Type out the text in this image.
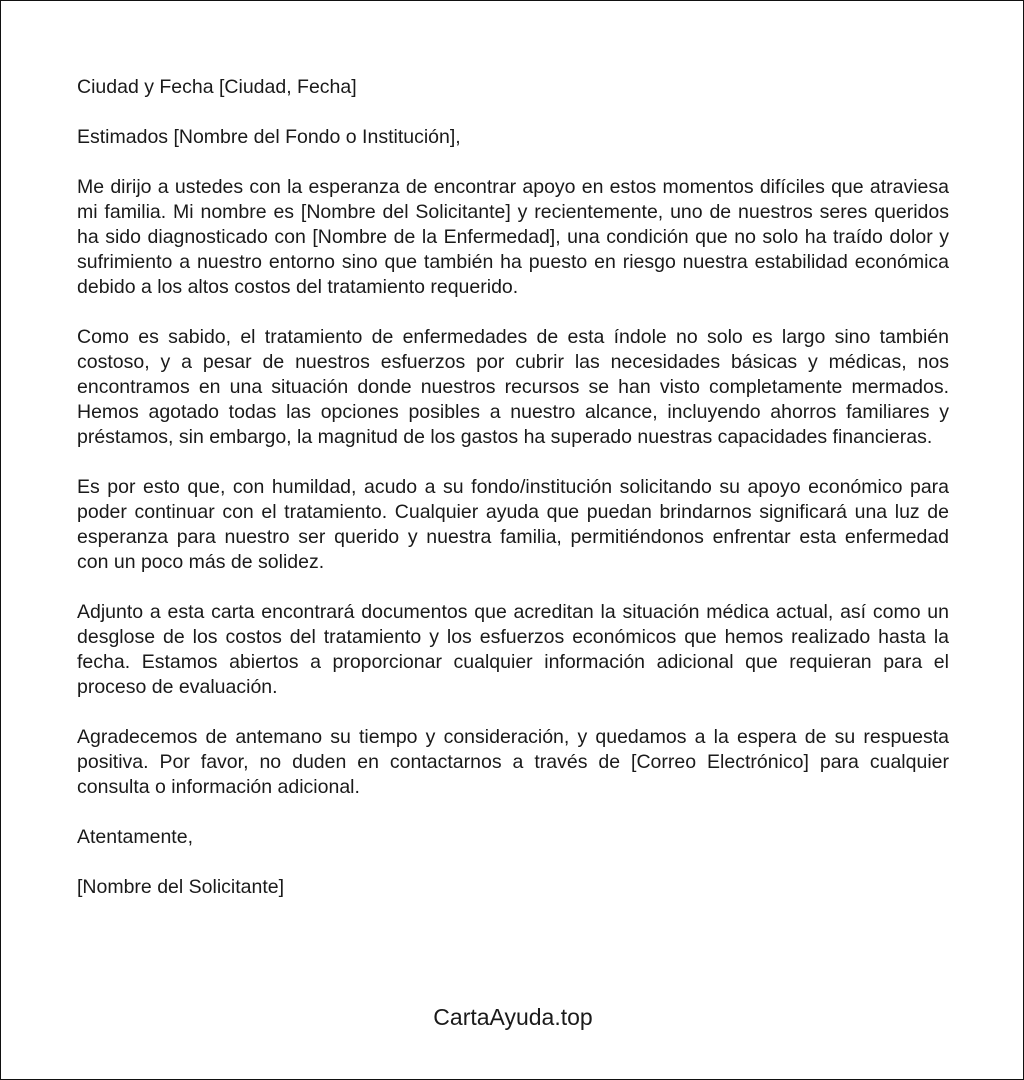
Ciudad y Fecha [Ciudad, Fecha]

Estimados [Nombre del Fondo o Institución],

Me dirijo a ustedes con la esperanza de encontrar apoyo en estos momentos difíciles que atraviesa mi familia. Mi nombre es [Nombre del Solicitante] y recientemente, uno de nuestros seres queridos ha sido diagnosticado con [Nombre de la Enfermedad], una condición que no solo ha traído dolor y sufrimiento a nuestro entorno sino que también ha puesto en riesgo nuestra estabilidad económica debido a los altos costos del tratamiento requerido.

Como es sabido, el tratamiento de enfermedades de esta índole no solo es largo sino también costoso, y a pesar de nuestros esfuerzos por cubrir las necesidades básicas y médicas, nos encontramos en una situación donde nuestros recursos se han visto completamente mermados. Hemos agotado todas las opciones posibles a nuestro alcance, incluyendo ahorros familiares y préstamos, sin embargo, la magnitud de los gastos ha superado nuestras capacidades financieras.

Es por esto que, con humildad, acudo a su fondo/institución solicitando su apoyo económico para poder continuar con el tratamiento. Cualquier ayuda que puedan brindarnos significará una luz de esperanza para nuestro ser querido y nuestra familia, permitiéndonos enfrentar esta enfermedad con un poco más de solidez.

Adjunto a esta carta encontrará documentos que acreditan la situación médica actual, así como un desglose de los costos del tratamiento y los esfuerzos económicos que hemos realizado hasta la fecha. Estamos abiertos a proporcionar cualquier información adicional que requieran para el proceso de evaluación.

Agradecemos de antemano su tiempo y consideración, y quedamos a la espera de su respuesta positiva. Por favor, no duden en contactarnos a través de [Correo Electrónico] para cualquier consulta o información adicional.

Atentamente,

[Nombre del Solicitante]

CartaAyuda.top
